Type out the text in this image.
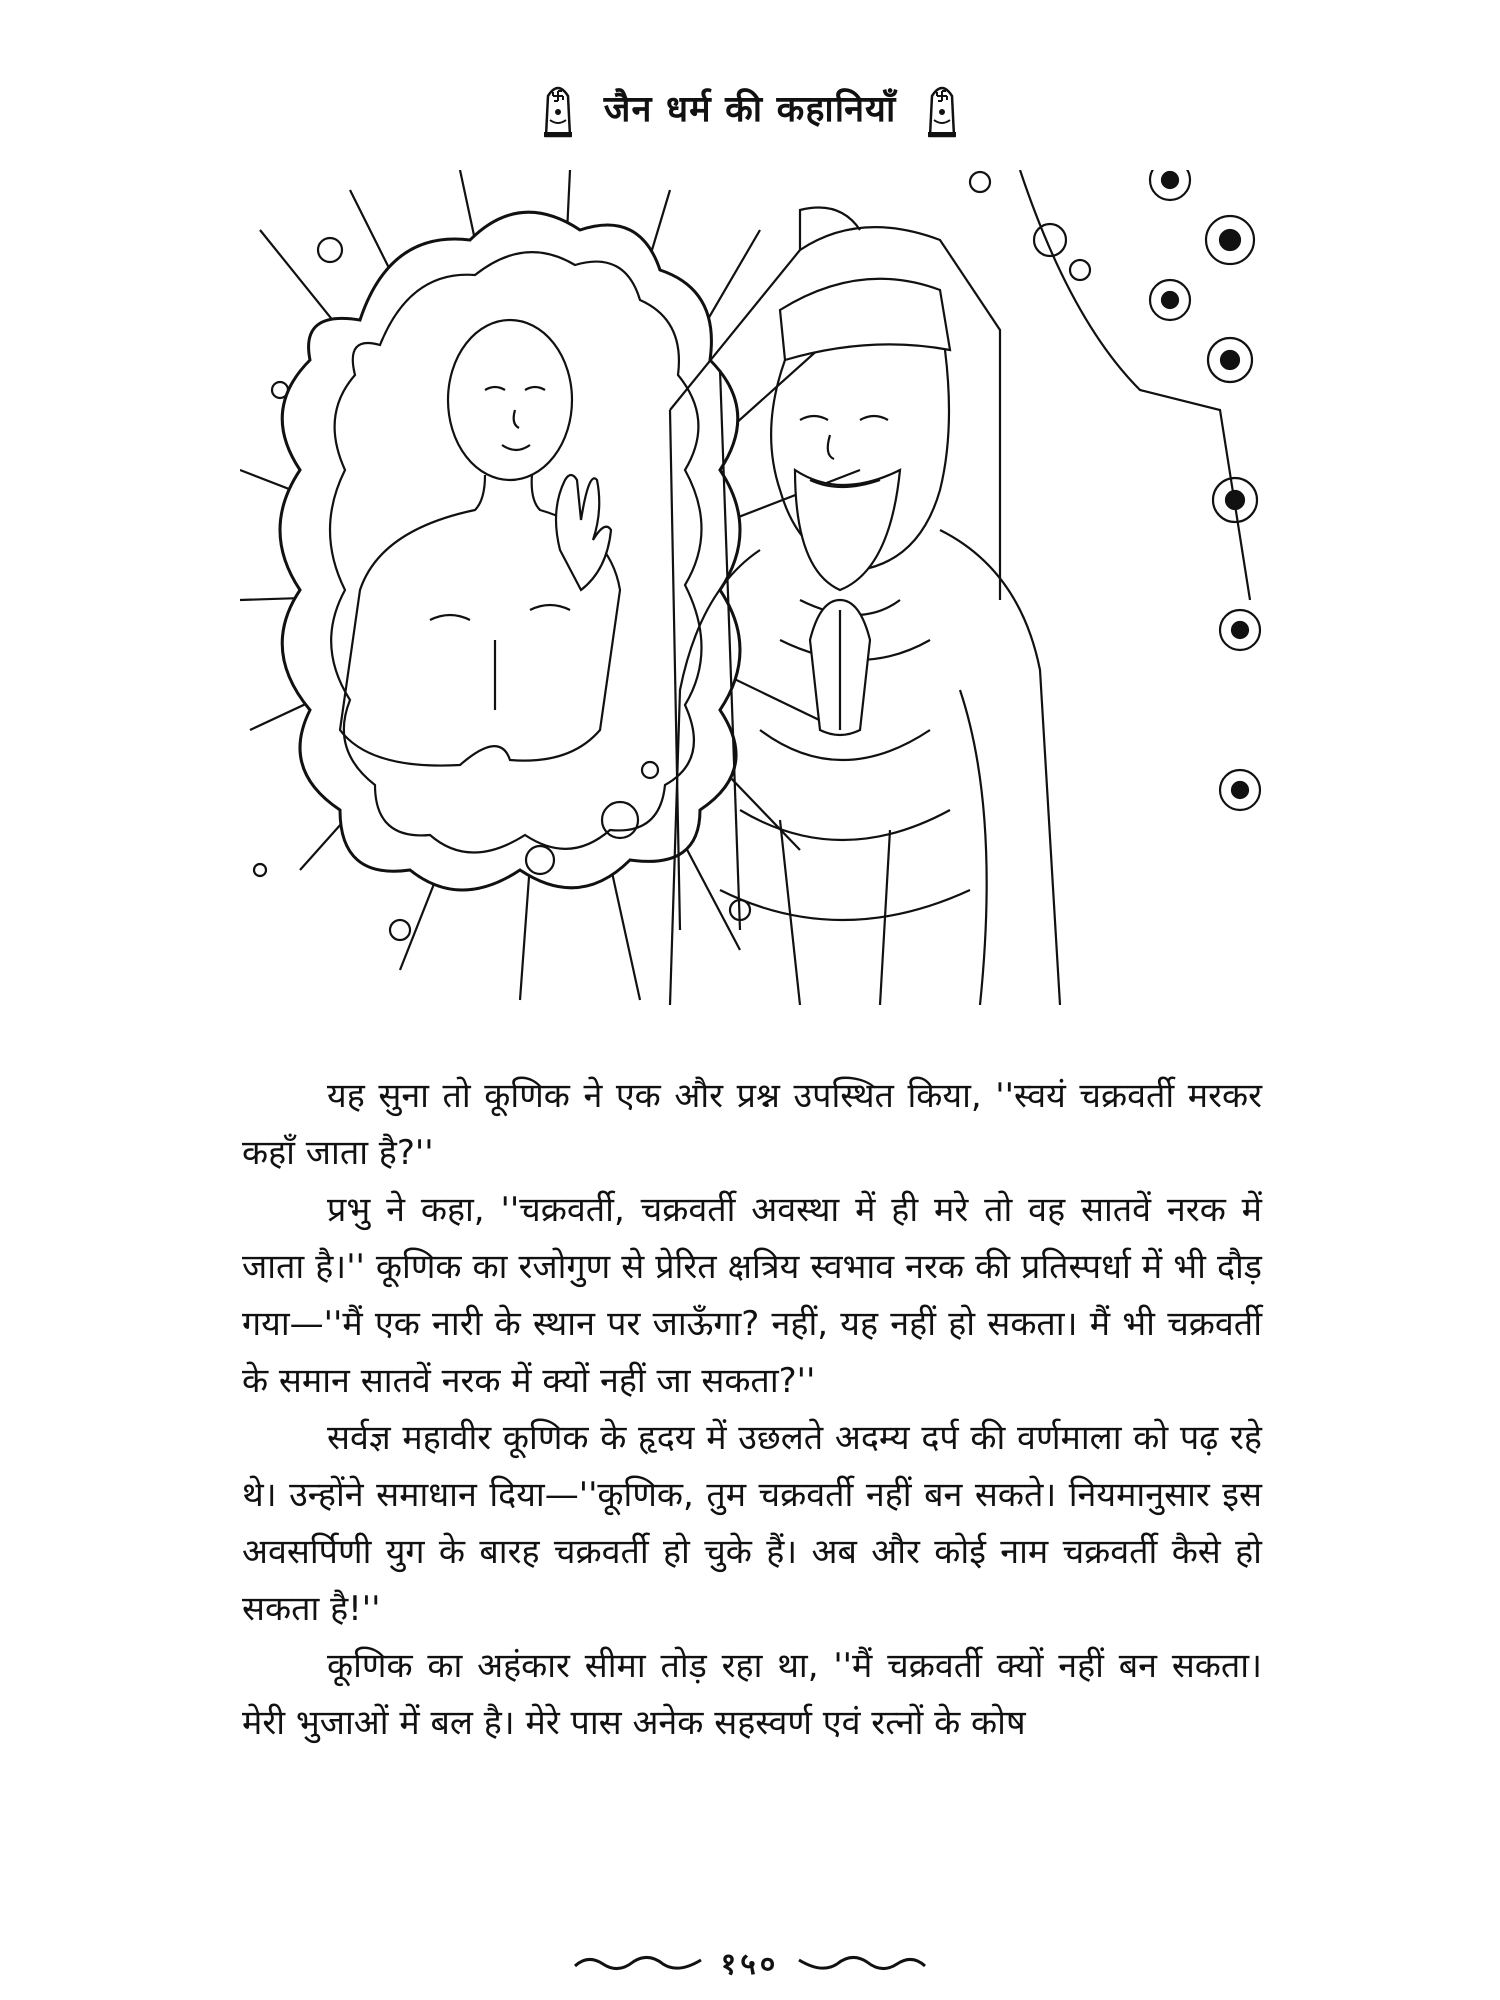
जैन धर्म की कहानियाँ

यह सुना तो कूणिक ने एक और प्रश्न उपस्थित किया, ''स्वयं चक्रवर्ती मरकर कहाँ जाता है?''

प्रभु ने कहा, ''चक्रवर्ती, चक्रवर्ती अवस्था में ही मरे तो वह सातवें नरक में जाता है।'' कूणिक का रजोगुण से प्रेरित क्षत्रिय स्वभाव नरक की प्रतिस्पर्धा में भी दौड़ गया—''मैं एक नारी के स्थान पर जाऊँगा? नहीं, यह नहीं हो सकता। मैं भी चक्रवर्ती के समान सातवें नरक में क्यों नहीं जा सकता?''

सर्वज्ञ महावीर कूणिक के हृदय में उछलते अदम्य दर्प की वर्णमाला को पढ़ रहे थे। उन्होंने समाधान दिया—''कूणिक, तुम चक्रवर्ती नहीं बन सकते। नियमानुसार इस अवसर्पिणी युग के बारह चक्रवर्ती हो चुके हैं। अब और कोई नाम चक्रवर्ती कैसे हो सकता है!''

कूणिक का अहंकार सीमा तोड़ रहा था, ''मैं चक्रवर्ती क्यों नहीं बन सकता। मेरी भुजाओं में बल है। मेरे पास अनेक सहस्वर्ण एवं रत्नों के कोष

१५०
